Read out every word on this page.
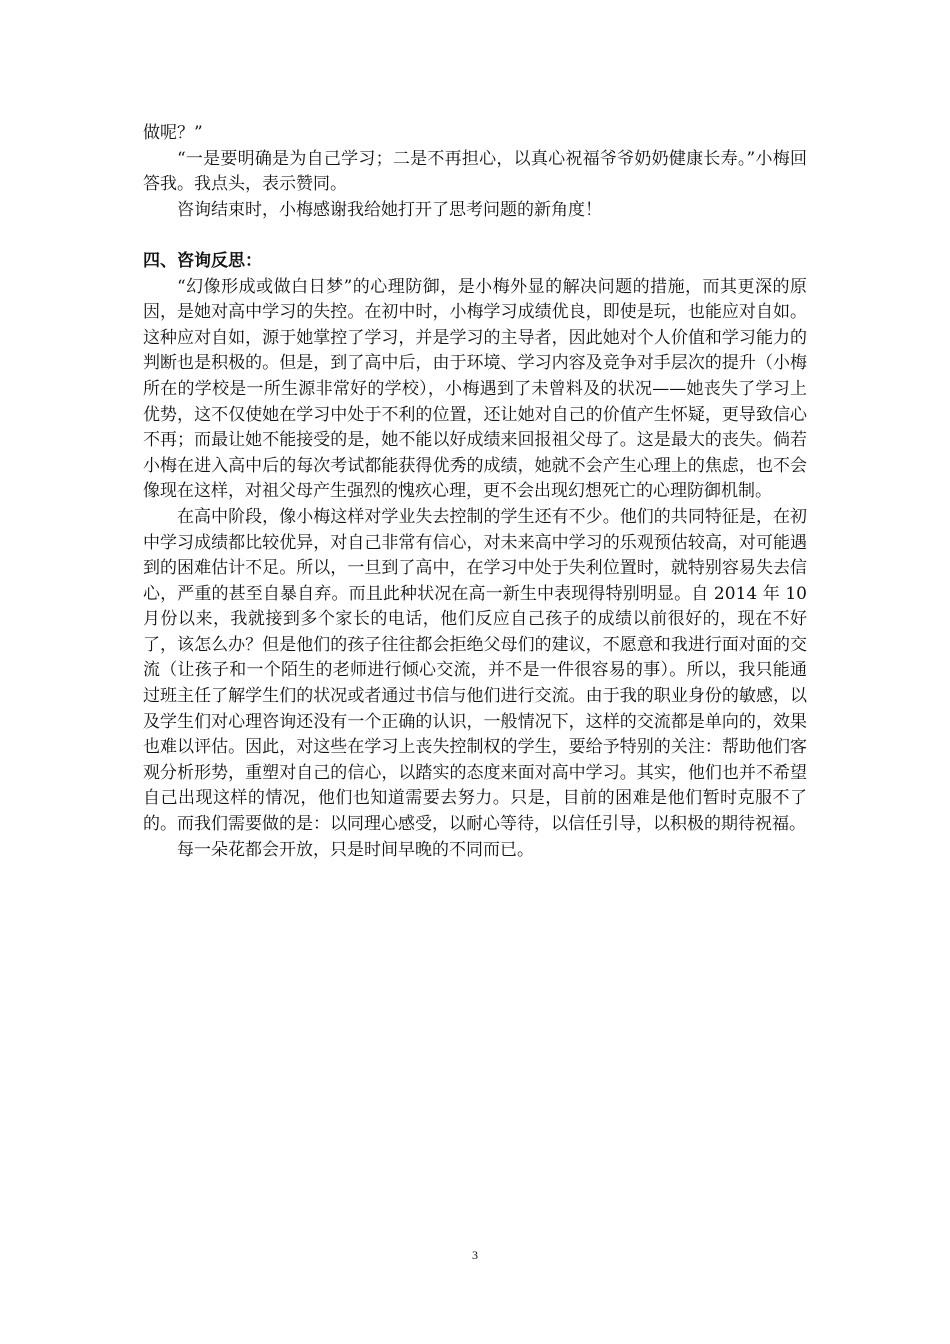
做呢？”

“一是要明确是为自己学习；二是不再担心，以真心祝福爷爷奶奶健康长寿。”小梅回答我。我点头，表示赞同。

咨询结束时，小梅感谢我给她打开了思考问题的新角度！

四、咨询反思：

“幻像形成或做白日梦”的心理防御，是小梅外显的解决问题的措施，而其更深的原因，是她对高中学习的失控。在初中时，小梅学习成绩优良，即使是玩，也能应对自如。这种应对自如，源于她掌控了学习，并是学习的主导者，因此她对个人价值和学习能力的判断也是积极的。但是，到了高中后，由于环境、学习内容及竞争对手层次的提升（小梅所在的学校是一所生源非常好的学校），小梅遇到了未曾料及的状况——她丧失了学习上优势，这不仅使她在学习中处于不利的位置，还让她对自己的价值产生怀疑，更导致信心不再；而最让她不能接受的是，她不能以好成绩来回报祖父母了。这是最大的丧失。倘若小梅在进入高中后的每次考试都能获得优秀的成绩，她就不会产生心理上的焦虑，也不会像现在这样，对祖父母产生强烈的愧疚心理，更不会出现幻想死亡的心理防御机制。

在高中阶段，像小梅这样对学业失去控制的学生还有不少。他们的共同特征是，在初中学习成绩都比较优异，对自己非常有信心，对未来高中学习的乐观预估较高，对可能遇到的困难估计不足。所以，一旦到了高中，在学习中处于失利位置时，就特别容易失去信心，严重的甚至自暴自弃。而且此种状况在高一新生中表现得特别明显。自 2014 年 10 月份以来，我就接到多个家长的电话，他们反应自己孩子的成绩以前很好的，现在不好了，该怎么办？但是他们的孩子往往都会拒绝父母们的建议，不愿意和我进行面对面的交流（让孩子和一个陌生的老师进行倾心交流，并不是一件很容易的事）。所以，我只能通过班主任了解学生们的状况或者通过书信与他们进行交流。由于我的职业身份的敏感，以及学生们对心理咨询还没有一个正确的认识，一般情况下，这样的交流都是单向的，效果也难以评估。因此，对这些在学习上丧失控制权的学生，要给予特别的关注：帮助他们客观分析形势，重塑对自己的信心，以踏实的态度来面对高中学习。其实，他们也并不希望自己出现这样的情况，他们也知道需要去努力。只是，目前的困难是他们暂时克服不了的。而我们需要做的是：以同理心感受，以耐心等待，以信任引导，以积极的期待祝福。

每一朵花都会开放，只是时间早晚的不同而已。

3
